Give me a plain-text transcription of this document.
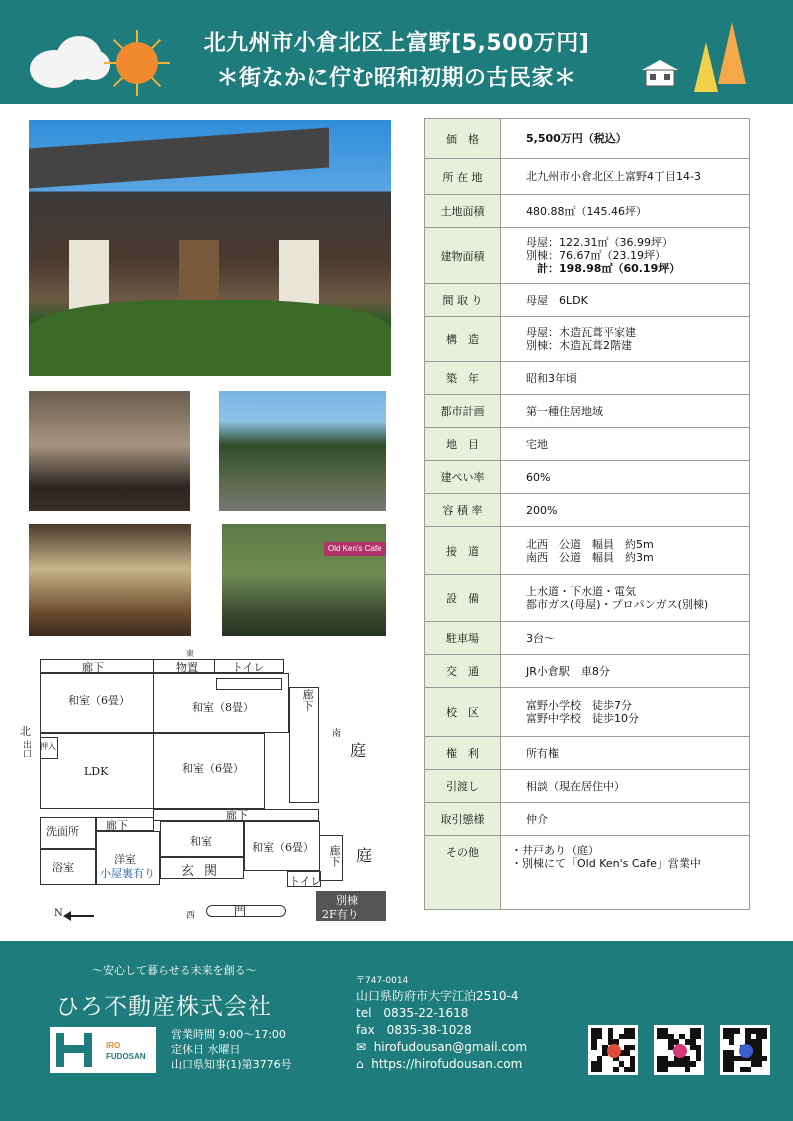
北九州市小倉北区上富野[5,500万円]
＊街なかに佇む昭和初期の古民家＊
Old Ken's Cafe
東
廊下	物置	トイレ
和室（6畳）
和室（8畳）	廊下
押入
LDK	和室（6畳）
北
出口
南
庭
廊下
洗面所 廊下
浴室
洋室
小屋裏有り
和室
玄関
和室（6畳） 廊下
トイレ
庭
別棟
2F有り
門
西
N
価　格	5,500万円（税込）

所 在 地	北九州市小倉北区上富野4丁目14-3

土地面積	480.88㎡（145.46坪）

建物面積	母屋：122.31㎡（36.99坪）
別棟：76.67㎡（23.19坪）
　計：198.98㎡（60.19坪）

間 取 り	母屋　6LDK

構　造	母屋：木造瓦葺平家建
別棟：木造瓦葺2階建

築　年	昭和3年頃

都市計画	第一種住居地域

地　目	宅地

建ぺい率	60%

容 積 率	200%

接　道	北西　公道　幅員　約5m
南西　公道　幅員　約3m

設　備	上水道・下水道・電気
都市ガス(母屋)・プロパンガス(別棟)

駐車場	3台〜

交　通	JR小倉駅　車8分

校　区	富野小学校　徒歩7分
富野中学校　徒歩10分

権　利	所有権

引渡し	相談（現在居住中）

取引態様	仲介

その他	・井戸あり（庭）
・別棟にて「Old Ken's Cafe」営業中
〜安心して暮らせる未来を創る〜
ひろ不動産株式会社
IRO
FUDOSAN
営業時間 9:00〜17:00
定休日 水曜日
山口県知事(1)第3776号
〒747-0014
山口県防府市大字江泊2510-4
tel　0835-22-1618
fax　0835-38-1028
✉  hirofudousan@gmail.com
⌂  https://hirofudousan.com
